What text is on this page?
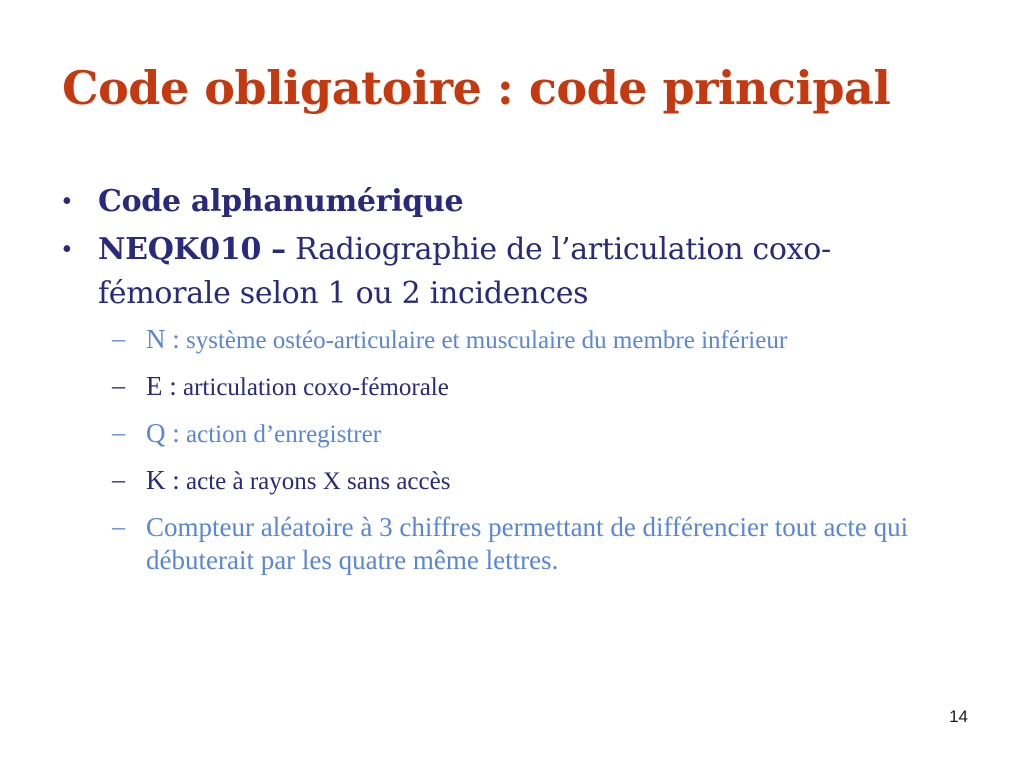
Code obligatoire : code principal
• Code alphanumérique
• NEQK010 – Radiographie de l’articulation coxo-fémorale selon 1 ou 2 incidences
– N : système ostéo-articulaire et musculaire du membre inférieur
– E : articulation coxo-fémorale
– Q : action d’enregistrer
– K : acte à rayons X sans accès
– Compteur aléatoire à 3 chiffres permettant de différencier tout acte qui débuterait par les quatre même lettres.
14
